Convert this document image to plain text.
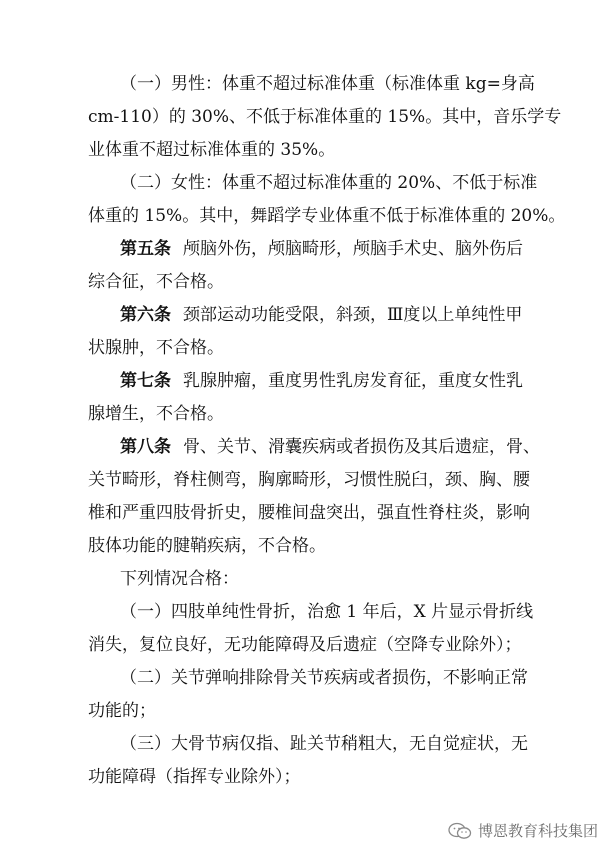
（一）男性：体重不超过标准体重（标准体重 kg=身高
cm-110）的 30%、不低于标准体重的 15%。其中，音乐学专
业体重不超过标准体重的 35%。
（二）女性：体重不超过标准体重的 20%、不低于标准
体重的 15%。其中，舞蹈学专业体重不低于标准体重的 20%。
第五条 颅脑外伤，颅脑畸形，颅脑手术史、脑外伤后
综合征，不合格。
第六条 颈部运动功能受限，斜颈，Ⅲ度以上单纯性甲
状腺肿，不合格。
第七条 乳腺肿瘤，重度男性乳房发育征，重度女性乳
腺增生，不合格。
第八条 骨、关节、滑囊疾病或者损伤及其后遗症，骨、
关节畸形，脊柱侧弯，胸廓畸形，习惯性脱臼，颈、胸、腰
椎和严重四肢骨折史，腰椎间盘突出，强直性脊柱炎，影响
肢体功能的腱鞘疾病，不合格。
下列情况合格：
（一）四肢单纯性骨折，治愈 1 年后，X 片显示骨折线
消失，复位良好，无功能障碍及后遗症（空降专业除外）；
（二）关节弹响排除骨关节疾病或者损伤，不影响正常
功能的；
（三）大骨节病仅指、趾关节稍粗大，无自觉症状，无
功能障碍（指挥专业除外）；
博恩教育科技集团
